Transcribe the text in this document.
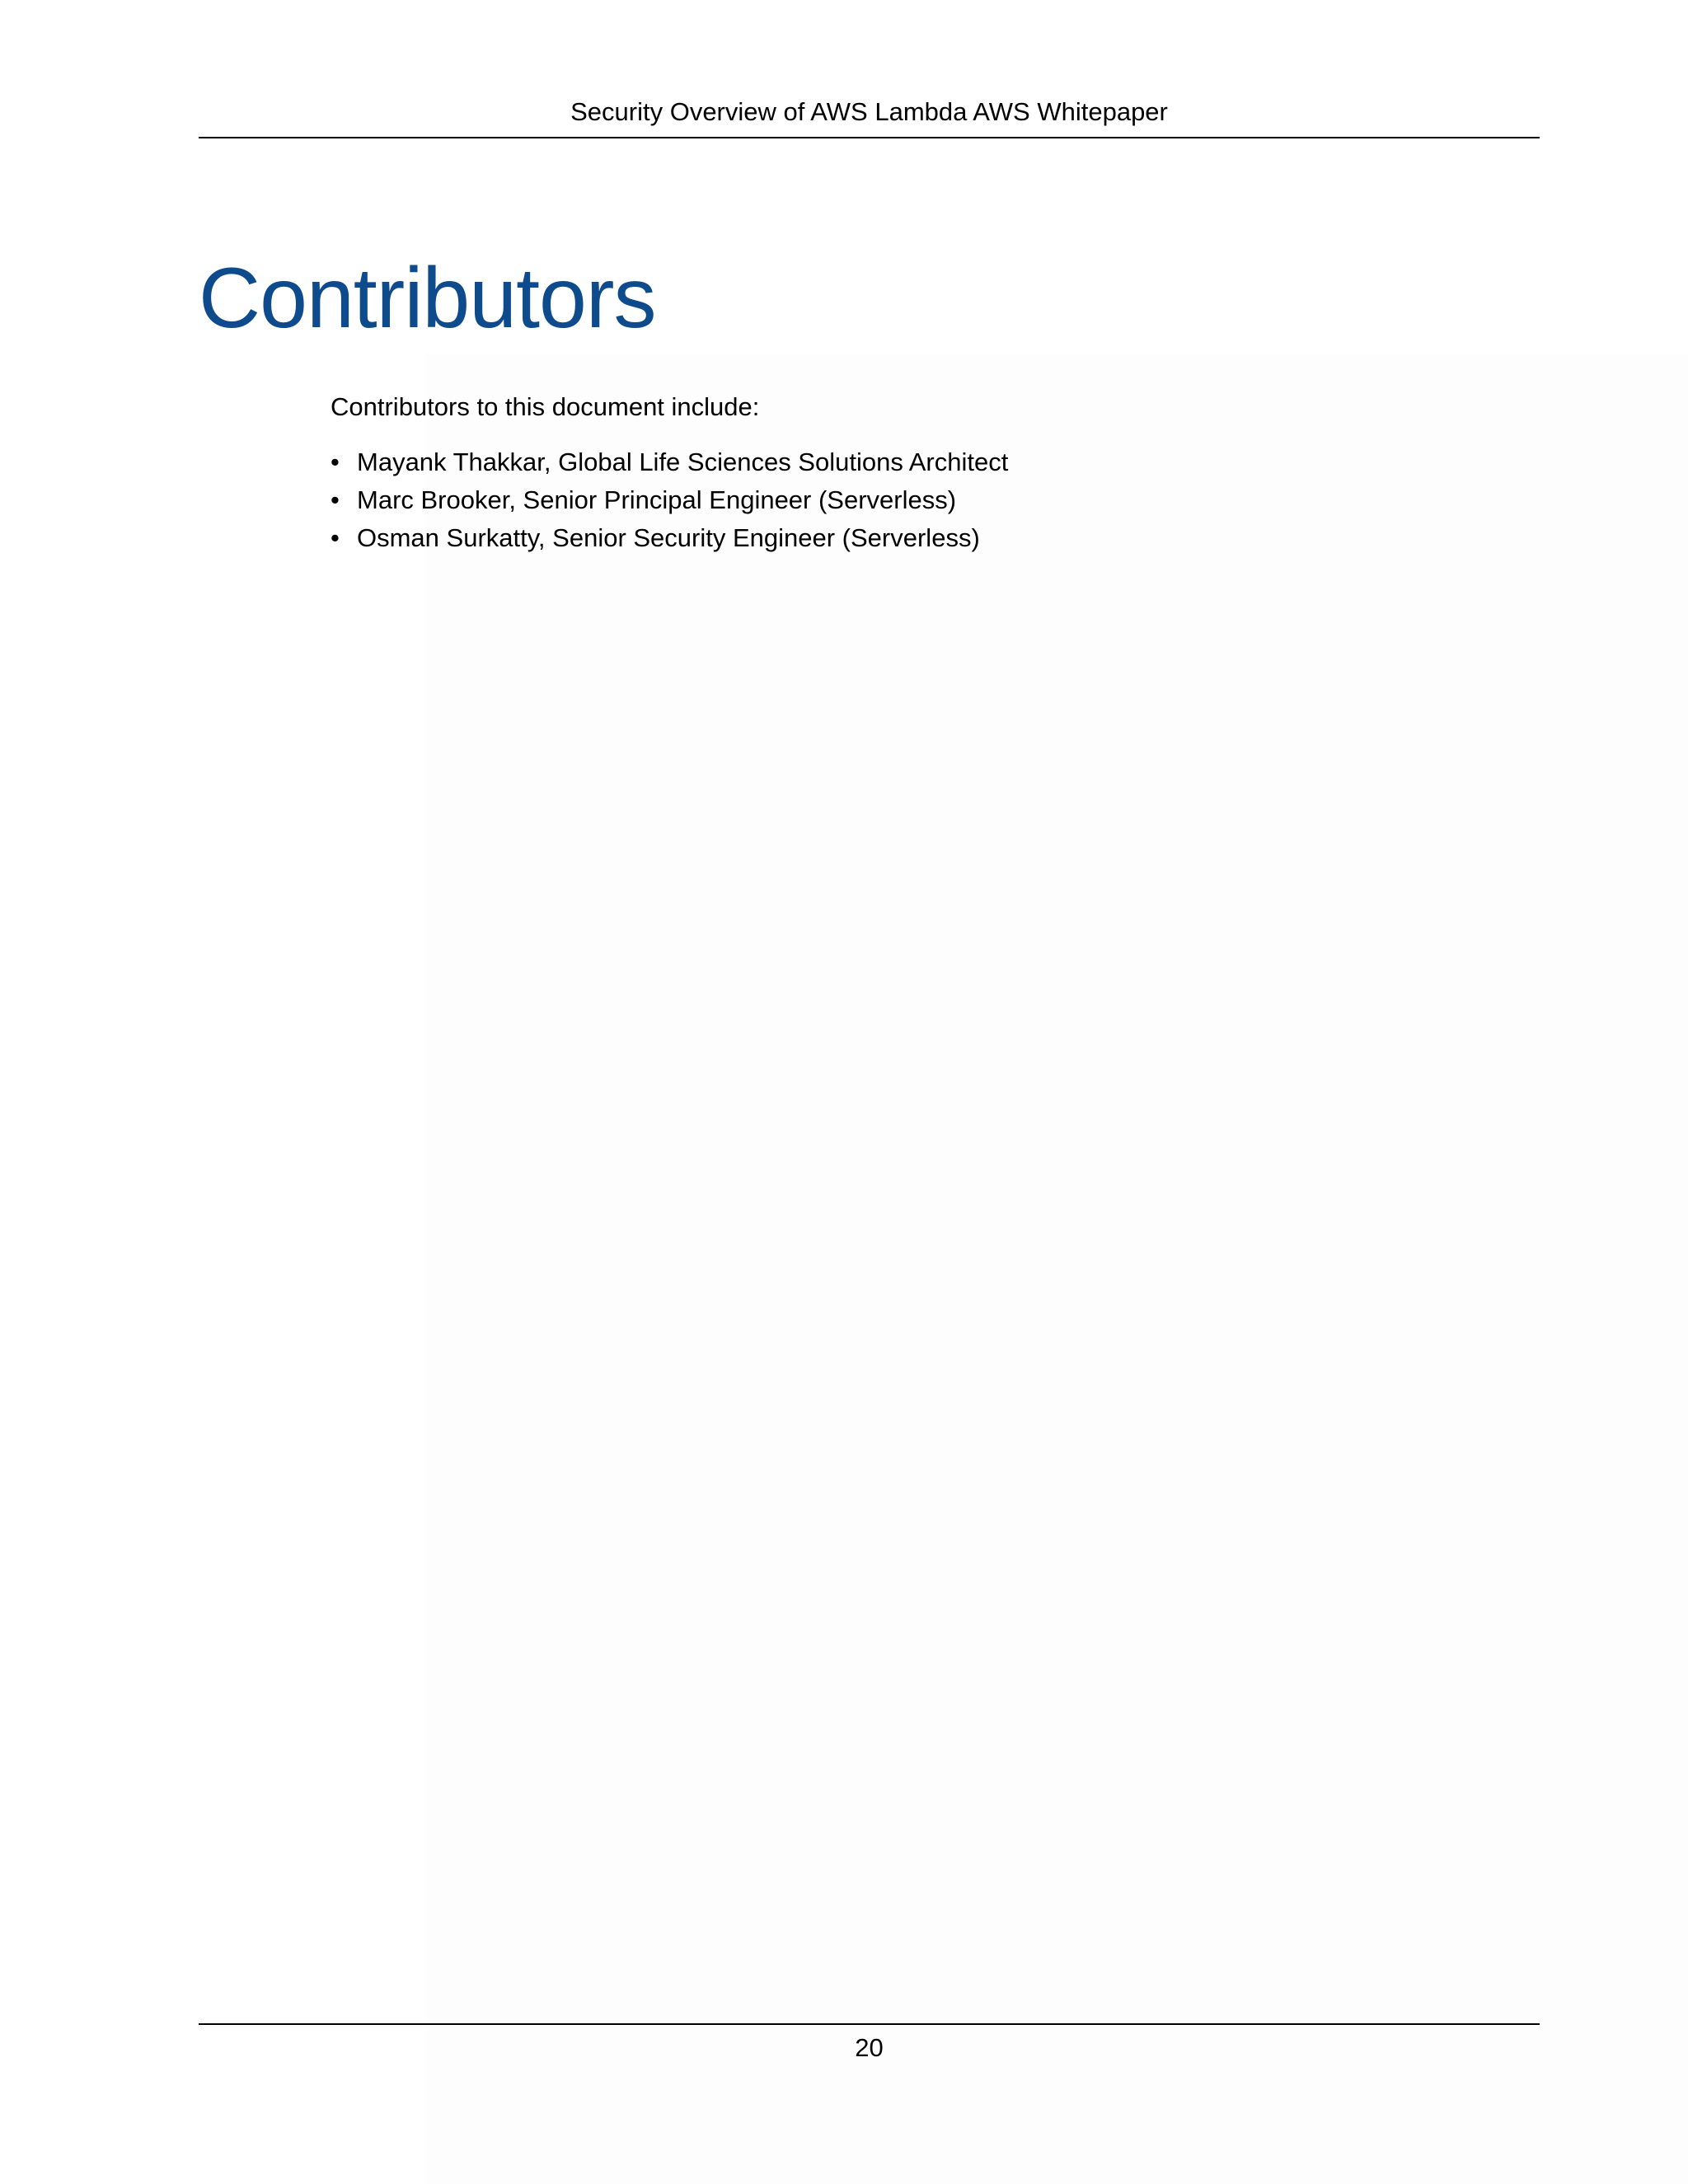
Security Overview of AWS Lambda AWS Whitepaper
Contributors
Contributors to this document include:
• Mayank Thakkar, Global Life Sciences Solutions Architect
• Marc Brooker, Senior Principal Engineer (Serverless)
• Osman Surkatty, Senior Security Engineer (Serverless)
20
